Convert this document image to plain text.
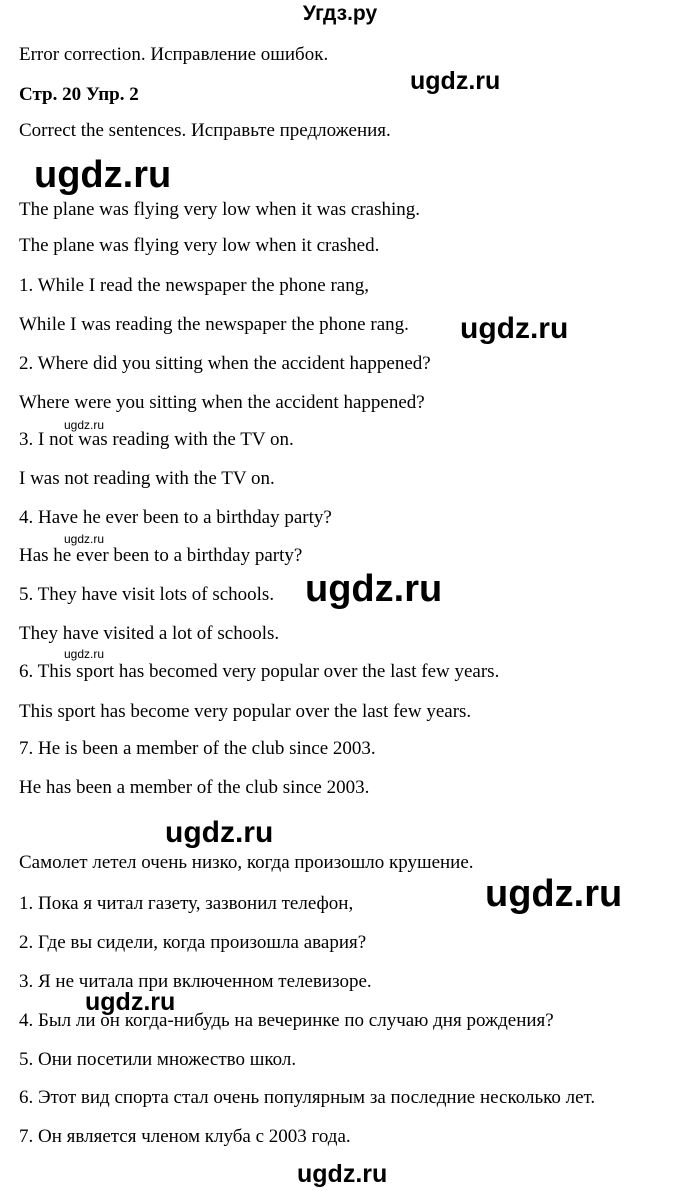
Угдз.ру
Error correction. Исправление ошибок.
Стр. 20 Упр. 2
Correct the sentences. Исправьте предложения.
The plane was flying very low when it was crashing.
The plane was flying very low when it crashed.
1. While I read the newspaper the phone rang,
While I was reading the newspaper the phone rang.
2. Where did you sitting when the accident happened?
Where were you sitting when the accident happened?
3. I not was reading with the TV on.
I was not reading with the TV on.
4. Have he ever been to a birthday party?
Has he ever been to a birthday party?
5. They have visit lots of schools.
They have visited a lot of schools.
6. This sport has becomed very popular over the last few years.
This sport has become very popular over the last few years.
7. He is been a member of the club since 2003.
He has been a member of the club since 2003.
Самолет летел очень низко, когда произошло крушение.
1. Пока я читал газету, зазвонил телефон,
2. Где вы сидели, когда произошла авария?
3. Я не читала при включенном телевизоре.
4. Был ли он когда-нибудь на вечеринке по случаю дня рождения?
5. Они посетили множество школ.
6. Этот вид спорта стал очень популярным за последние несколько лет.
7. Он является членом клуба с 2003 года.
ugdz.ru
ugdz.ru
ugdz.ru
ugdz.ru
ugdz.ru
ugdz.ru
ugdz.ru
ugdz.ru
ugdz.ru
ugdz.ru
ugdz.ru
